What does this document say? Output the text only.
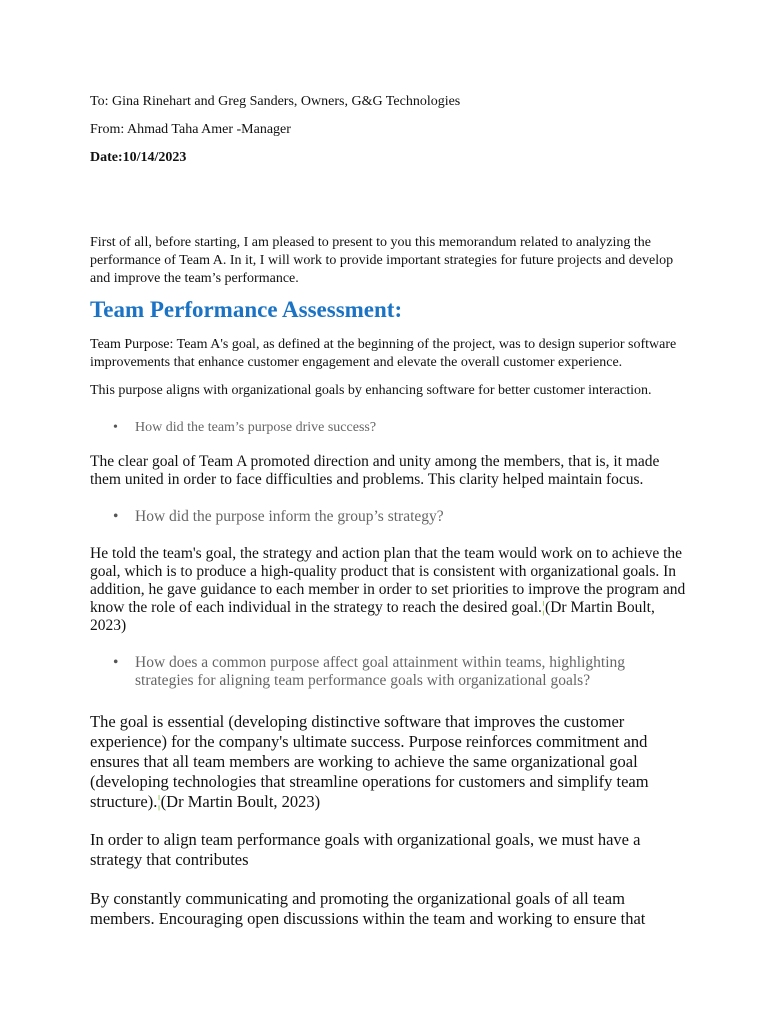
To: Gina Rinehart and Greg Sanders, Owners, G&G Technologies

From: Ahmad Taha Amer -Manager

Date:10/14/2023

First of all, before starting, I am pleased to present to you this memorandum related to analyzing the
performance of Team A. In it, I will work to provide important strategies for future projects and develop
and improve the team’s performance.
Team Performance Assessment:
Team Purpose: Team A's goal, as defined at the beginning of the project, was to design superior software
improvements that enhance customer engagement and elevate the overall customer experience.

This purpose aligns with organizational goals by enhancing software for better customer interaction.

• How did the team’s purpose drive success?
The clear goal of Team A promoted direction and unity among the members, that is, it made
them united in order to face difficulties and problems. This clarity helped maintain focus.
• How did the purpose inform the group’s strategy?
He told the team's goal, the strategy and action plan that the team would work on to achieve the
goal, which is to produce a high-quality product that is consistent with organizational goals. In
addition, he gave guidance to each member in order to set priorities to improve the program and
know the role of each individual in the strategy to reach the desired goal.¦(Dr Martin Boult,
2023)
• How does a common purpose affect goal attainment within teams, highlighting
strategies for aligning team performance goals with organizational goals?
The goal is essential (developing distinctive software that improves the customer
experience) for the company's ultimate success. Purpose reinforces commitment and
ensures that all team members are working to achieve the same organizational goal
(developing technologies that streamline operations for customers and simplify team
structure).¦(Dr Martin Boult, 2023)
In order to align team performance goals with organizational goals, we must have a
strategy that contributes
By constantly communicating and promoting the organizational goals of all team
members. Encouraging open discussions within the team and working to ensure that
